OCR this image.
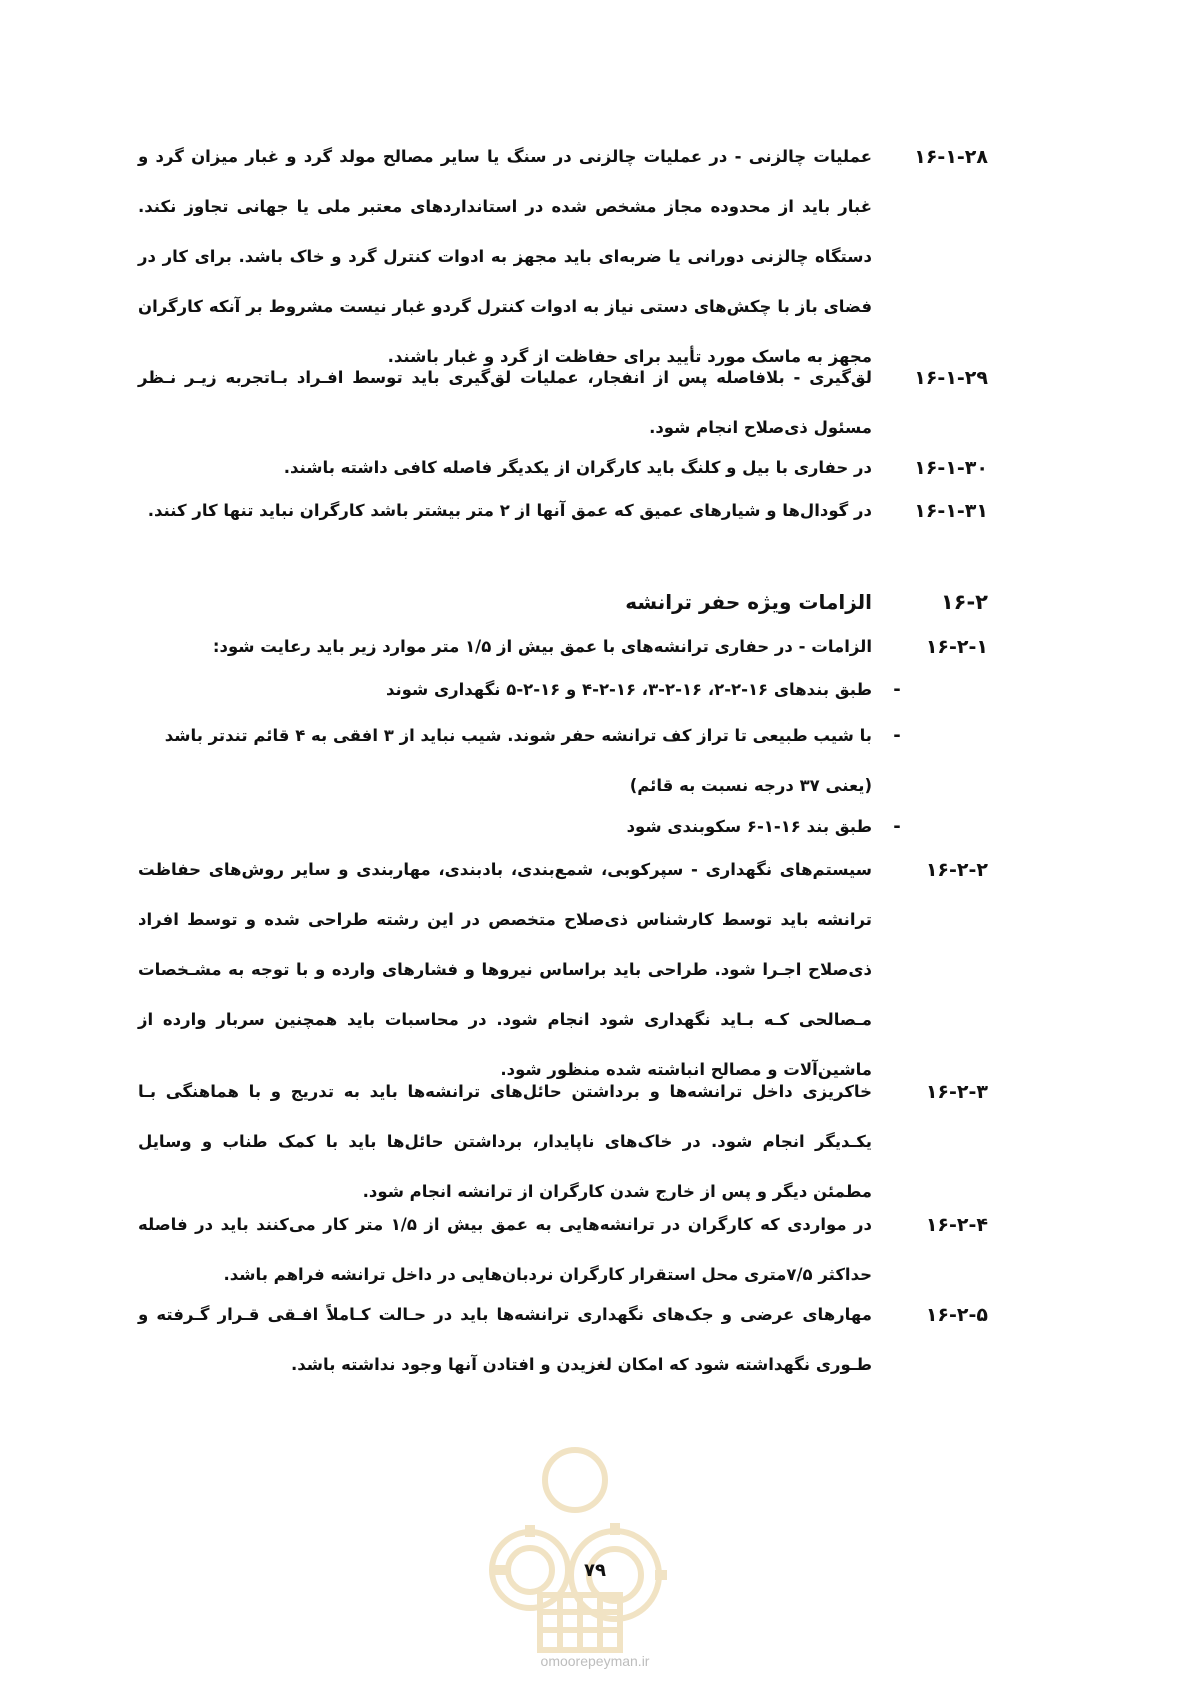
۱۶-۱-۲۸
عملیات چالزنی - در عملیات چالزنی در سنگ یا سایر مصالح مولد گرد و غبار میزان گرد و غبار باید از محدوده مجاز مشخص شده در استانداردهای معتبر ملی یا جهانی تجاوز نکند. دستگاه چالزنی دورانی یا ضربه‌ای باید مجهز به ادوات کنترل گرد و خاک باشد. برای کار در فضای باز با چکش‌های دستی نیاز به ادوات کنترل گردو غبار نیست مشروط بر آنکه کارگران مجهز به ماسک مورد تأیید برای حفاظت از گرد و غبار باشند.
۱۶-۱-۲۹
لق‌گیری - بلافاصله پس از انفجار، عملیات لق‌گیری باید توسط افـراد بـاتجربه زیـر نـظر مسئول ذی‌صلاح انجام شود.
۱۶-۱-۳۰
در حفاری با بیل و کلنگ باید کارگران از یکدیگر فاصله کافی داشته باشند.
۱۶-۱-۳۱
در گودال‌ها و شیارهای عمیق که عمق آنها از ۲ متر بیشتر باشد کارگران نباید تنها کار کنند.
۱۶-۲
الزامات ویژه حفر ترانشه
۱۶-۲-۱
الزامات - در حفاری ترانشه‌های با عمق بیش از ۱/۵ متر موارد زیر باید رعایت شود:
-
طبق بندهای ۱۶-۲-۲، ۱۶-۲-۳، ۱۶-۲-۴ و ۱۶-۲-۵ نگهداری شوند
-
با شیب طبیعی تا تراز کف ترانشه حفر شوند. شیب نباید از ۳ افقی به ۴ قائم تندتر باشد (یعنی ۳۷ درجه نسبت به قائم)
-
طبق بند ۱۶-۱-۶ سکوبندی شود
۱۶-۲-۲
سیستم‌های نگهداری - سپرکوبی، شمع‌بندی، بادبندی، مهاربندی و سایر روش‌های حفاظت ترانشه باید توسط کارشناس ذی‌صلاح متخصص در این رشته طراحی شده و توسط افراد ذی‌صلاح اجـرا شود. طراحی باید براساس نیروها و فشارهای وارده و با توجه به مشـخصات مـصالحی کـه بـاید نگهداری شود انجام شود. در محاسبات باید همچنین سربار وارده از ماشین‌آلات و مصالح انباشته شده منظور شود.
۱۶-۲-۳
خاکریزی داخل ترانشه‌ها و برداشتن حائل‌های ترانشه‌ها باید به تدریج و با هماهنگی بـا یکـدیگر انجام شود. در خاک‌های ناپایدار، برداشتن حائل‌ها باید با کمک طناب و وسایل مطمئن دیگر و پس از خارج شدن کارگران از ترانشه انجام شود.
۱۶-۲-۴
در مواردی که کارگران در ترانشه‌هایی به عمق بیش از ۱/۵ متر کار می‌کنند باید در فاصله حداکثر ۷/۵متری محل استقرار کارگران نردبان‌هایی در داخل ترانشه فراهم باشد.
۱۶-۲-۵
مهارهای عرضی و جک‌های نگهداری ترانشه‌ها باید در حـالت کـاملاً افـقی قـرار گـرفته و طـوری نگهداشته شود که امکان لغزیدن و افتادن آنها وجود نداشته باشد.
۷۹
omoorepeyman.ir
